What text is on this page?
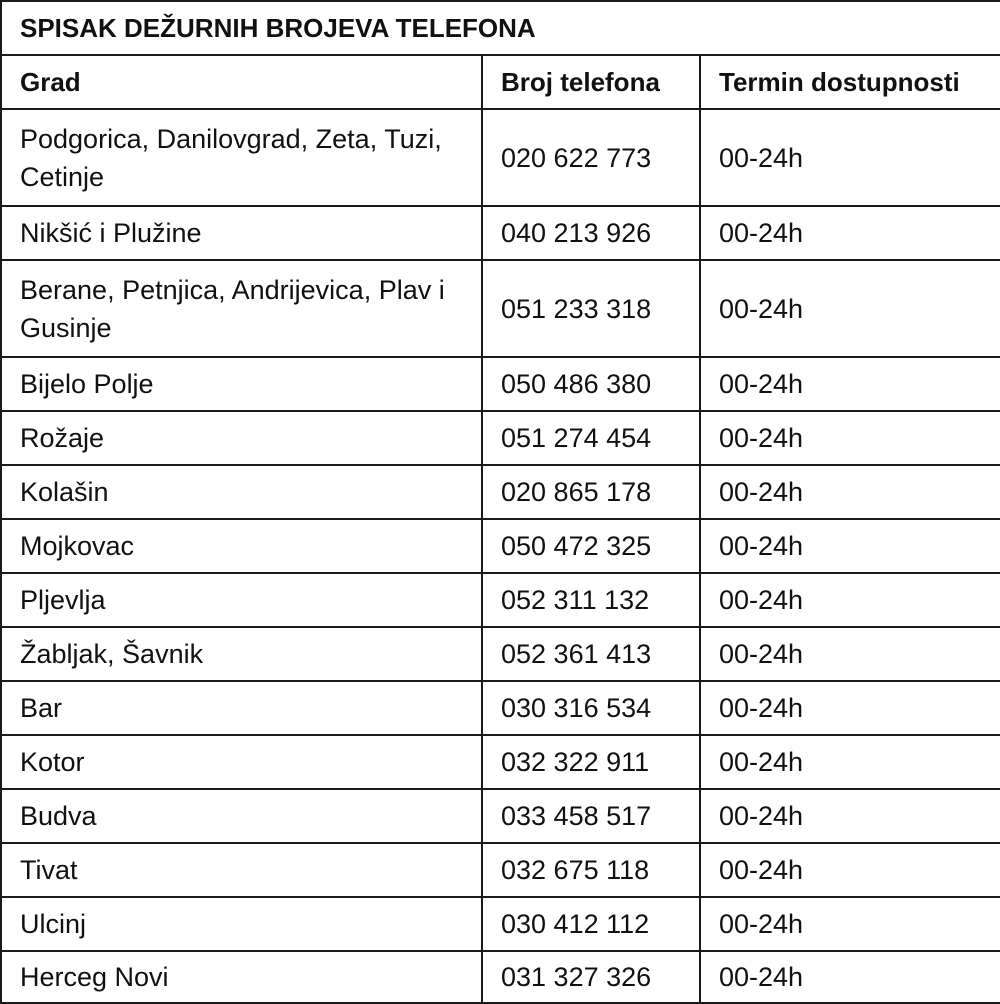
SPISAK DEŽURNIH BROJEVA TELEFONA		
Grad	Broj telefona	Termin dostupnosti
Podgorica, Danilovgrad, Zeta, Tuzi, Cetinje	020 622 773	00-24h
Nikšić i Plužine	040 213 926	00-24h
Berane, Petnjica, Andrijevica, Plav i Gusinje	051 233 318	00-24h
Bijelo Polje	050 486 380	00-24h
Rožaje	051 274 454	00-24h
Kolašin	020 865 178	00-24h
Mojkovac	050 472 325	00-24h
Pljevlja	052 311 132	00-24h
Žabljak, Šavnik	052 361 413	00-24h
Bar	030 316 534	00-24h
Kotor	032 322 911	00-24h
Budva	033 458 517	00-24h
Tivat	032 675 118	00-24h
Ulcinj	030 412 112	00-24h
Herceg Novi	031 327 326	00-24h
